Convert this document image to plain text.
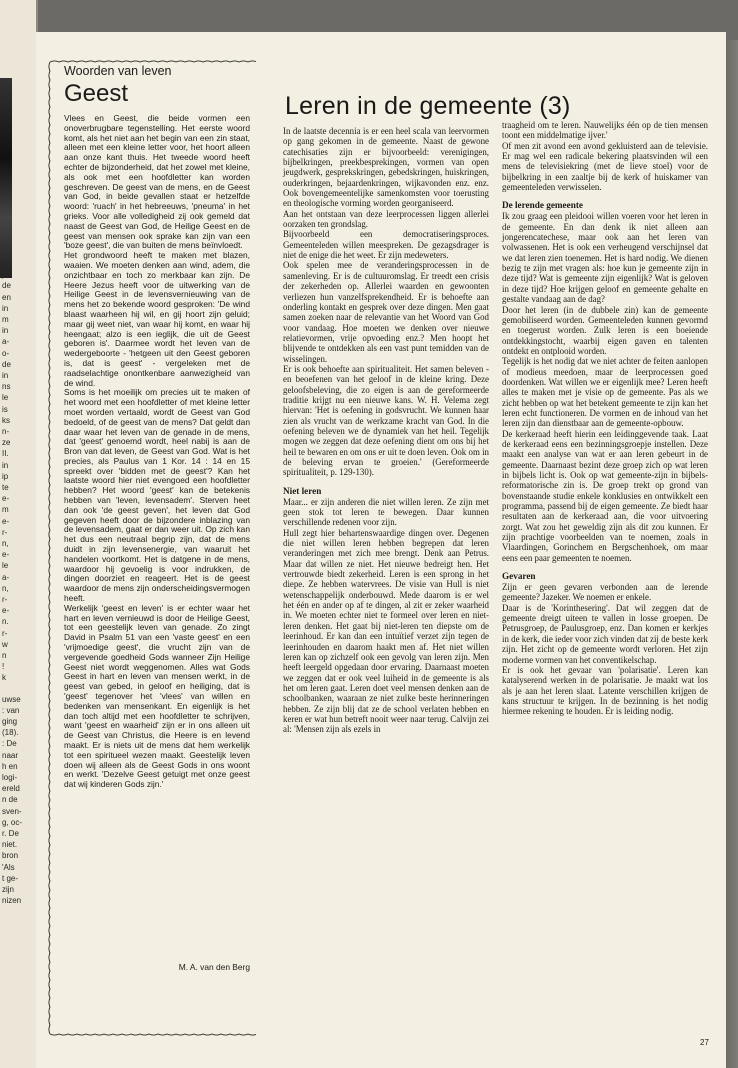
en
jf,
de
en
in
m
in
a-
o-
de
in
ns
le
is
ks
n-
ze
II.
in
ip
te
e-
m
e-
r-
n,
e-
le
a-
n,
r-
e-
n.
r-
w
n
!
k
uwse
: van
ging
(18).
: De
naar
h en
logi-
ereld
n de
sven-
g, oc-
r. De
niet.
bron
'Als
t ge-
zijn
nizen
Woorden van leven
Geest

Vlees en Geest, die beide vormen een onoverbrugbare tegenstelling. Het eerste woord komt, als het niet aan het begin van een zin staat, alleen met een kleine letter voor, het hoort alleen aan onze kant thuis. Het tweede woord heeft echter de bijzonderheid, dat het zowel met kleine, als ook met een hoofdletter kan worden geschreven. De geest van de mens, en de Geest van God, in beide gevallen staat er hetzelfde woord: 'ruach' in het hebreeuws, 'pneuma' in het grieks. Voor alle volledigheid zij ook gemeld dat naast de Geest van God, de Heilige Geest en de geest van mensen ook sprake kan zijn van een 'boze geest', die van buiten de mens beïnvloedt.

Het grondwoord heeft te maken met blazen, waaien. We moeten denken aan wind, adem, die onzichtbaar en toch zo merkbaar kan zijn. De Heere Jezus heeft voor de uitwerking van de Heilige Geest in de levensvernieuwing van de mens het zo bekende woord gesproken: 'De wind blaast waarheen hij wil, en gij hoort zijn geluid; maar gij weet niet, van waar hij komt, en waar hij heengaat; alzo is een ieglijk, die uit de Geest geboren is'. Daarmee wordt het leven van de wedergeboorte - 'hetgeen uit den Geest geboren is, dat is geest' - vergeleken met de raadselachtige onontkenbare aanwezigheid van de wind.

Soms is het moeilijk om precies uit te maken of het woord met een hoofdletter of met kleine letter moet worden vertaald, wordt de Geest van God bedoeld, of de geest van de mens? Dat geldt dan daar waar het leven van de genade in de mens, dat 'geest' genoemd wordt, heel nabij is aan de Bron van dat leven, de Geest van God. Wat is het precies, als Paulus van 1 Kor. 14 : 14 en 15 spreekt over 'bidden met de geest'? Kan het laatste woord hier niet evengoed een hoofdletter hebben? Het woord 'geest' kan de betekenis hebben van 'leven, levensadem'. Sterven heet dan ook 'de geest geven', het leven dat God gegeven heeft door de bijzondere inblazing van de levensadem, gaat er dan weer uit. Op zich kan het dus een neutraal begrip zijn, dat de mens duidt in zijn levensenergie, van waaruit het handelen voortkomt. Het is datgene in de mens, waardoor hij gevoelig is voor indrukken, de dingen doorziet en reageert. Het is de geest waardoor de mens zijn onderscheidingsvermogen heeft.

Werkelijk 'geest en leven' is er echter waar het hart en leven vernieuwd is door de Heilige Geest, tot een geestelijk leven van genade. Zo zingt David in Psalm 51 van een 'vaste geest' en een 'vrijmoedige geest', die vrucht zijn van de vergevende goedheid Gods wanneer Zijn Heilige Geest niet wordt weggenomen. Alles wat Gods Geest in hart en leven van mensen werkt, in de geest van gebed, in geloof en heiliging, dat is 'geest' tegenover het 'vlees' van willen en bedenken van mensenkant. En eigenlijk is het dan toch altijd met een hoofdletter te schrijven, want 'geest en waarheid' zijn er in ons alleen uit de Geest van Christus, die Heere is en levend maakt. Er is niets uit de mens dat hem werkelijk tot een spiritueel wezen maakt. Geestelijk leven doen wij alleen als de Geest Gods in ons woont en werkt. 'Dezelve Geest getuigt met onze geest dat wij kinderen Gods zijn.'

M. A. van den Berg
Leren in de gemeente (3)

In de laatste decennia is er een heel scala van leervormen op gang gekomen in de gemeente. Naast de gewone catechisaties zijn er bijvoorbeeld: verenigingen, bijbelkringen, preekbesprekingen, vormen van open jeugdwerk, gesprekskringen, gebedskringen, huiskringen, ouderkringen, bejaardenkringen, wijkavonden enz. enz. Ook bovengemeentelijke samenkomsten voor toerusting en theologische vorming worden georganiseerd.

Aan het ontstaan van deze leerprocessen liggen allerlei oorzaken ten grondslag.

Bijvoorbeeld een democratiseringsproces. Gemeenteleden willen meespreken. De gezagsdrager is niet de enige die het weet. Er zijn medeweters.

Ook spelen mee de veranderingsprocessen in de samenleving. Er is de cultuuromslag. Er treedt een crisis der zekerheden op. Allerlei waarden en gewoonten verliezen hun vanzelfsprekendheid. Er is behoefte aan onderling kontakt en gesprek over deze dingen. Men gaat samen zoeken naar de relevantie van het Woord van God voor vandaag. Hoe moeten we denken over nieuwe relatievormen, vrije opvoeding enz.? Men hoopt het blijvende te ontdekken als een vast punt temidden van de wisselingen.

Er is ook behoefte aan spiritualiteit. Het samen beleven - en beoefenen van het geloof in de kleine kring. Deze geloofsbeleving, die zo eigen is aan de gereformeerde traditie krijgt nu een nieuwe kans. W. H. Velema zegt hiervan: 'Het is oefening in godsvrucht. We kunnen haar zien als vrucht van de werkzame kracht van God. In die oefening beleven we de dynamiek van het heil. Tegelijk mogen we zeggen dat deze oefening dient om ons bij het heil te bewaren en om ons er uit te doen leven. Ook om in de beleving ervan te groeien.' (Gereformeerde spiritualiteit, p. 129-130).

Niet leren

Maar... er zijn anderen die niet willen leren. Ze zijn met geen stok tot leren te bewegen. Daar kunnen verschillende redenen voor zijn.

Hull zegt hier behartenswaardige dingen over. Degenen die niet willen leren hebben begrepen dat leren veranderingen met zich mee brengt. Denk aan Petrus. Maar dat willen ze niet. Het nieuwe bedreigt hen. Het vertrouwde biedt zekerheid. Leren is een sprong in het diepe. Ze hebben watervrees. De visie van Hull is niet wetenschappelijk onderbouwd. Mede daarom is er wel het één en ander op af te dingen, al zit er zeker waarheid in. We moeten echter niet te formeel over leren en niet-leren denken. Het gaat bij niet-leren ten diepste om de leerinhoud. Er kan dan een intuïtief verzet zijn tegen de leerinhouden en daarom haakt men af. Het niet willen leren kan op zichzelf ook een gevolg van leren zijn. Men heeft leergeld opgedaan door ervaring. Daarnaast moeten we zeggen dat er ook veel luiheid in de gemeente is als het om leren gaat. Leren doet veel mensen denken aan de schoolbanken, waaraan ze niet zulke beste herinneringen hebben. Ze zijn blij dat ze de school verlaten hebben en keren er wat hun betreft nooit weer naar terug. Calvijn zei al: 'Mensen zijn als ezels in

traagheid om te leren. Nauwelijks één op de tien mensen toont een middelmatige ijver.'

Of men zit avond een avond gekluisterd aan de televisie. Er mag wel een radicale bekering plaatsvinden wil een mens de televisiekring (met de lieve stoel) voor de bijbelkring in een zaaltje bij de kerk of huiskamer van gemeenteleden verwisselen.

De lerende gemeente

Ik zou graag een pleidooi willen voeren voor het leren in de gemeente. En dan denk ik niet alleen aan jongerencatechese, maar ook aan het leren van volwassenen. Het is ook een verheugend verschijnsel dat we dat leren zien toenemen. Het is hard nodig. We dienen bezig te zijn met vragen als: hoe kun je gemeente zijn in deze tijd? Wat is gemeente zijn eigenlijk? Wat is geloven in deze tijd? Hoe krijgen geloof en gemeente gehalte en gestalte vandaag aan de dag?

Door het leren (in de dubbele zin) kan de gemeente gemobiliseerd worden. Gemeenteleden kunnen gevormd en toegerust worden. Zulk leren is een boeiende ontdekkingstocht, waarbij eigen gaven en talenten ontdekt en ontplooid worden.

Tegelijk is het nodig dat we niet achter de feiten aanlopen of modieus meedoen, maar de leerprocessen goed doordenken. Wat willen we er eigenlijk mee? Leren heeft alles te maken met je visie op de gemeente. Pas als we zicht hebben op wat het betekent gemeente te zijn kan het leren echt functioneren. De vormen en de inhoud van het leren zijn dan dienstbaar aan de gemeente-opbouw.

De kerkeraad heeft hierin een leidinggevende taak. Laat de kerkeraad eens een bezinningsgroepje instellen. Deze maakt een analyse van wat er aan leren gebeurt in de gemeente. Daarnaast bezint deze groep zich op wat leren in bijbels licht is. Ook op wat gemeente-zijn in bijbels-reformatorische zin is. De groep trekt op grond van bovenstaande studie enkele konklusies en ontwikkelt een programma, passend bij de eigen gemeente. Ze biedt haar resultaten aan de kerkeraad aan, die voor uitvoering zorgt. Wat zou het geweldig zijn als dit zou kunnen. Er zijn prachtige voorbeelden van te noemen, zoals in Vlaardingen, Gorinchem en Bergschenhoek, om maar eens een paar gemeenten te noemen.

Gevaren

Zijn er geen gevaren verbonden aan de lerende gemeente? Jazeker. We noemen er enkele.

Daar is de 'Korinthesering'. Dat wil zeggen dat de gemeente dreigt uiteen te vallen in losse groepen. De Petrusgroep, de Paulusgroep, enz. Dan komen er kerkjes in de kerk, die ieder voor zich vinden dat zij de beste kerk zijn. Het zicht op de gemeente wordt verloren. Het zijn moderne vormen van het conventikelschap.

Er is ook het gevaar van 'polarisatie'. Leren kan katalyserend werken in de polarisatie. Je maakt wat los als je aan het leren slaat. Latente verschillen krijgen de kans structuur te krijgen. In de bezinning is het nodig hiermee rekening te houden. Er is leiding nodig.

27
